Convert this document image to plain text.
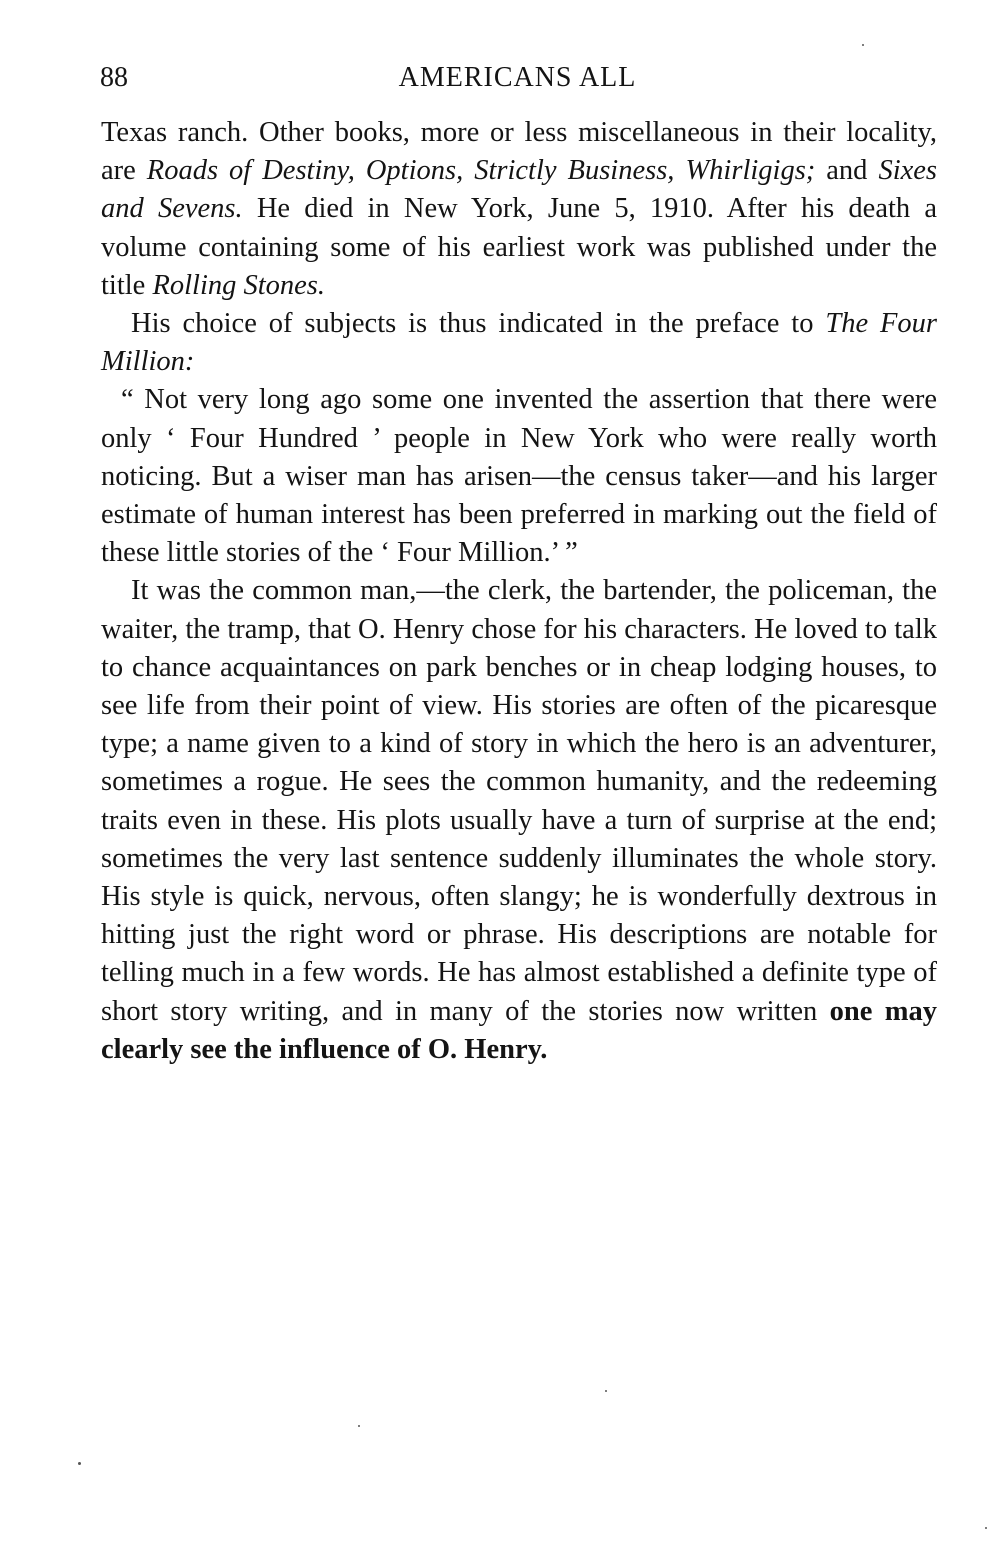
88	AMERICANS ALL

Texas ranch. Other books, more or less miscellaneous in their locality, are Roads of Destiny, Options, Strictly Business, Whirligigs; and Sixes and Sevens. He died in New York, June 5, 1910. After his death a volume containing some of his earliest work was published under the title Rolling Stones.

His choice of subjects is thus indicated in the preface to The Four Million:

“ Not very long ago some one invented the assertion that there were only ‘ Four Hundred ’ people in New York who were really worth noticing. But a wiser man has arisen—the census taker—and his larger estimate of human interest has been preferred in marking out the field of these little stories of the ‘ Four Million.’ ”

It was the common man,—the clerk, the bartender, the policeman, the waiter, the tramp, that O. Henry chose for his characters. He loved to talk to chance acquaintances on park benches or in cheap lodging houses, to see life from their point of view. His stories are often of the picaresque type; a name given to a kind of story in which the hero is an adventurer, sometimes a rogue. He sees the common humanity, and the redeeming traits even in these. His plots usually have a turn of surprise at the end; sometimes the very last sentence suddenly illuminates the whole story. His style is quick, nervous, often slangy; he is wonderfully dextrous in hitting just the right word or phrase. His descriptions are notable for telling much in a few words. He has almost established a definite type of short story writing, and in many of the stories now written one may clearly see the influence of O. Henry.
